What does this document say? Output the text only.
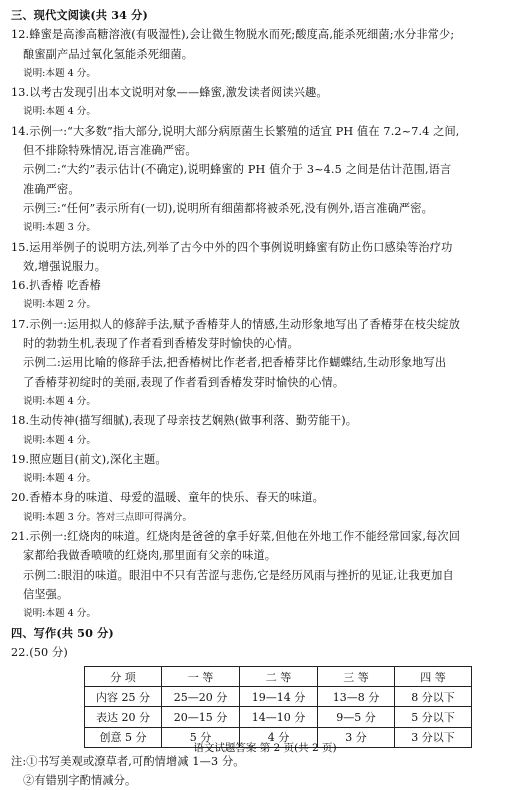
三、现代文阅读(共 34 分)
12.蜂蜜是高渗高糖溶液(有吸湿性),会让微生物脱水而死;酸度高,能杀死细菌;水分非常少;
酿蜜副产品过氧化氢能杀死细菌。
说明:本题 4 分。
13.以考古发现引出本文说明对象——蜂蜜,激发读者阅读兴趣。
说明:本题 4 分。
14.示例一:“大多数”指大部分,说明大部分病原菌生长繁殖的适宜 PH 值在 7.2~7.4 之间,
但不排除特殊情况,语言准确严密。
示例二:“大约”表示估计(不确定),说明蜂蜜的 PH 值介于 3~4.5 之间是估计范围,语言
准确严密。
示例三:“任何”表示所有(一切),说明所有细菌都将被杀死,没有例外,语言准确严密。
说明:本题 3 分。
15.运用举例子的说明方法,列举了古今中外的四个事例说明蜂蜜有防止伤口感染等治疗功
效,增强说服力。
16.扒香椿 吃香椿
说明:本题 2 分。
17.示例一:运用拟人的修辞手法,赋予香椿芽人的情感,生动形象地写出了香椿芽在枝尖绽放
时的勃勃生机,表现了作者看到香椿发芽时愉快的心情。
示例二:运用比喻的修辞手法,把香椿树比作老者,把香椿芽比作蝴蝶结,生动形象地写出
了香椿芽初绽时的美丽,表现了作者看到香椿发芽时愉快的心情。
说明:本题 4 分。
18.生动传神(描写细腻),表现了母亲技艺娴熟(做事利落、勤劳能干)。
说明:本题 4 分。
19.照应题目(前文),深化主题。
说明:本题 4 分。
20.香椿本身的味道、母爱的温暖、童年的快乐、春天的味道。
说明:本题 3 分。答对三点即可得满分。
21.示例一:红烧肉的味道。红烧肉是爸爸的拿手好菜,但他在外地工作不能经常回家,每次回
家都给我做香喷喷的红烧肉,那里面有父亲的味道。
示例二:眼泪的味道。眼泪中不只有苦涩与悲伤,它是经历风雨与挫折的见证,让我更加自
信坚强。
说明:本题 4 分。
四、写作(共 50 分)
22.(50 分)
分 项	一 等	二 等	三 等	四 等
内容 25 分	25—20 分	19—14 分	13—8 分	8 分以下
表达 20 分	20—15 分	14—10 分	9—5 分	5 分以下
创意 5 分	5 分	4 分	3 分	3 分以下
注:①书写美观或潦草者,可酌情增减 1—3 分。
②有错别字酌情减分。
语文试题答案 第 2 页(共 2 页)
